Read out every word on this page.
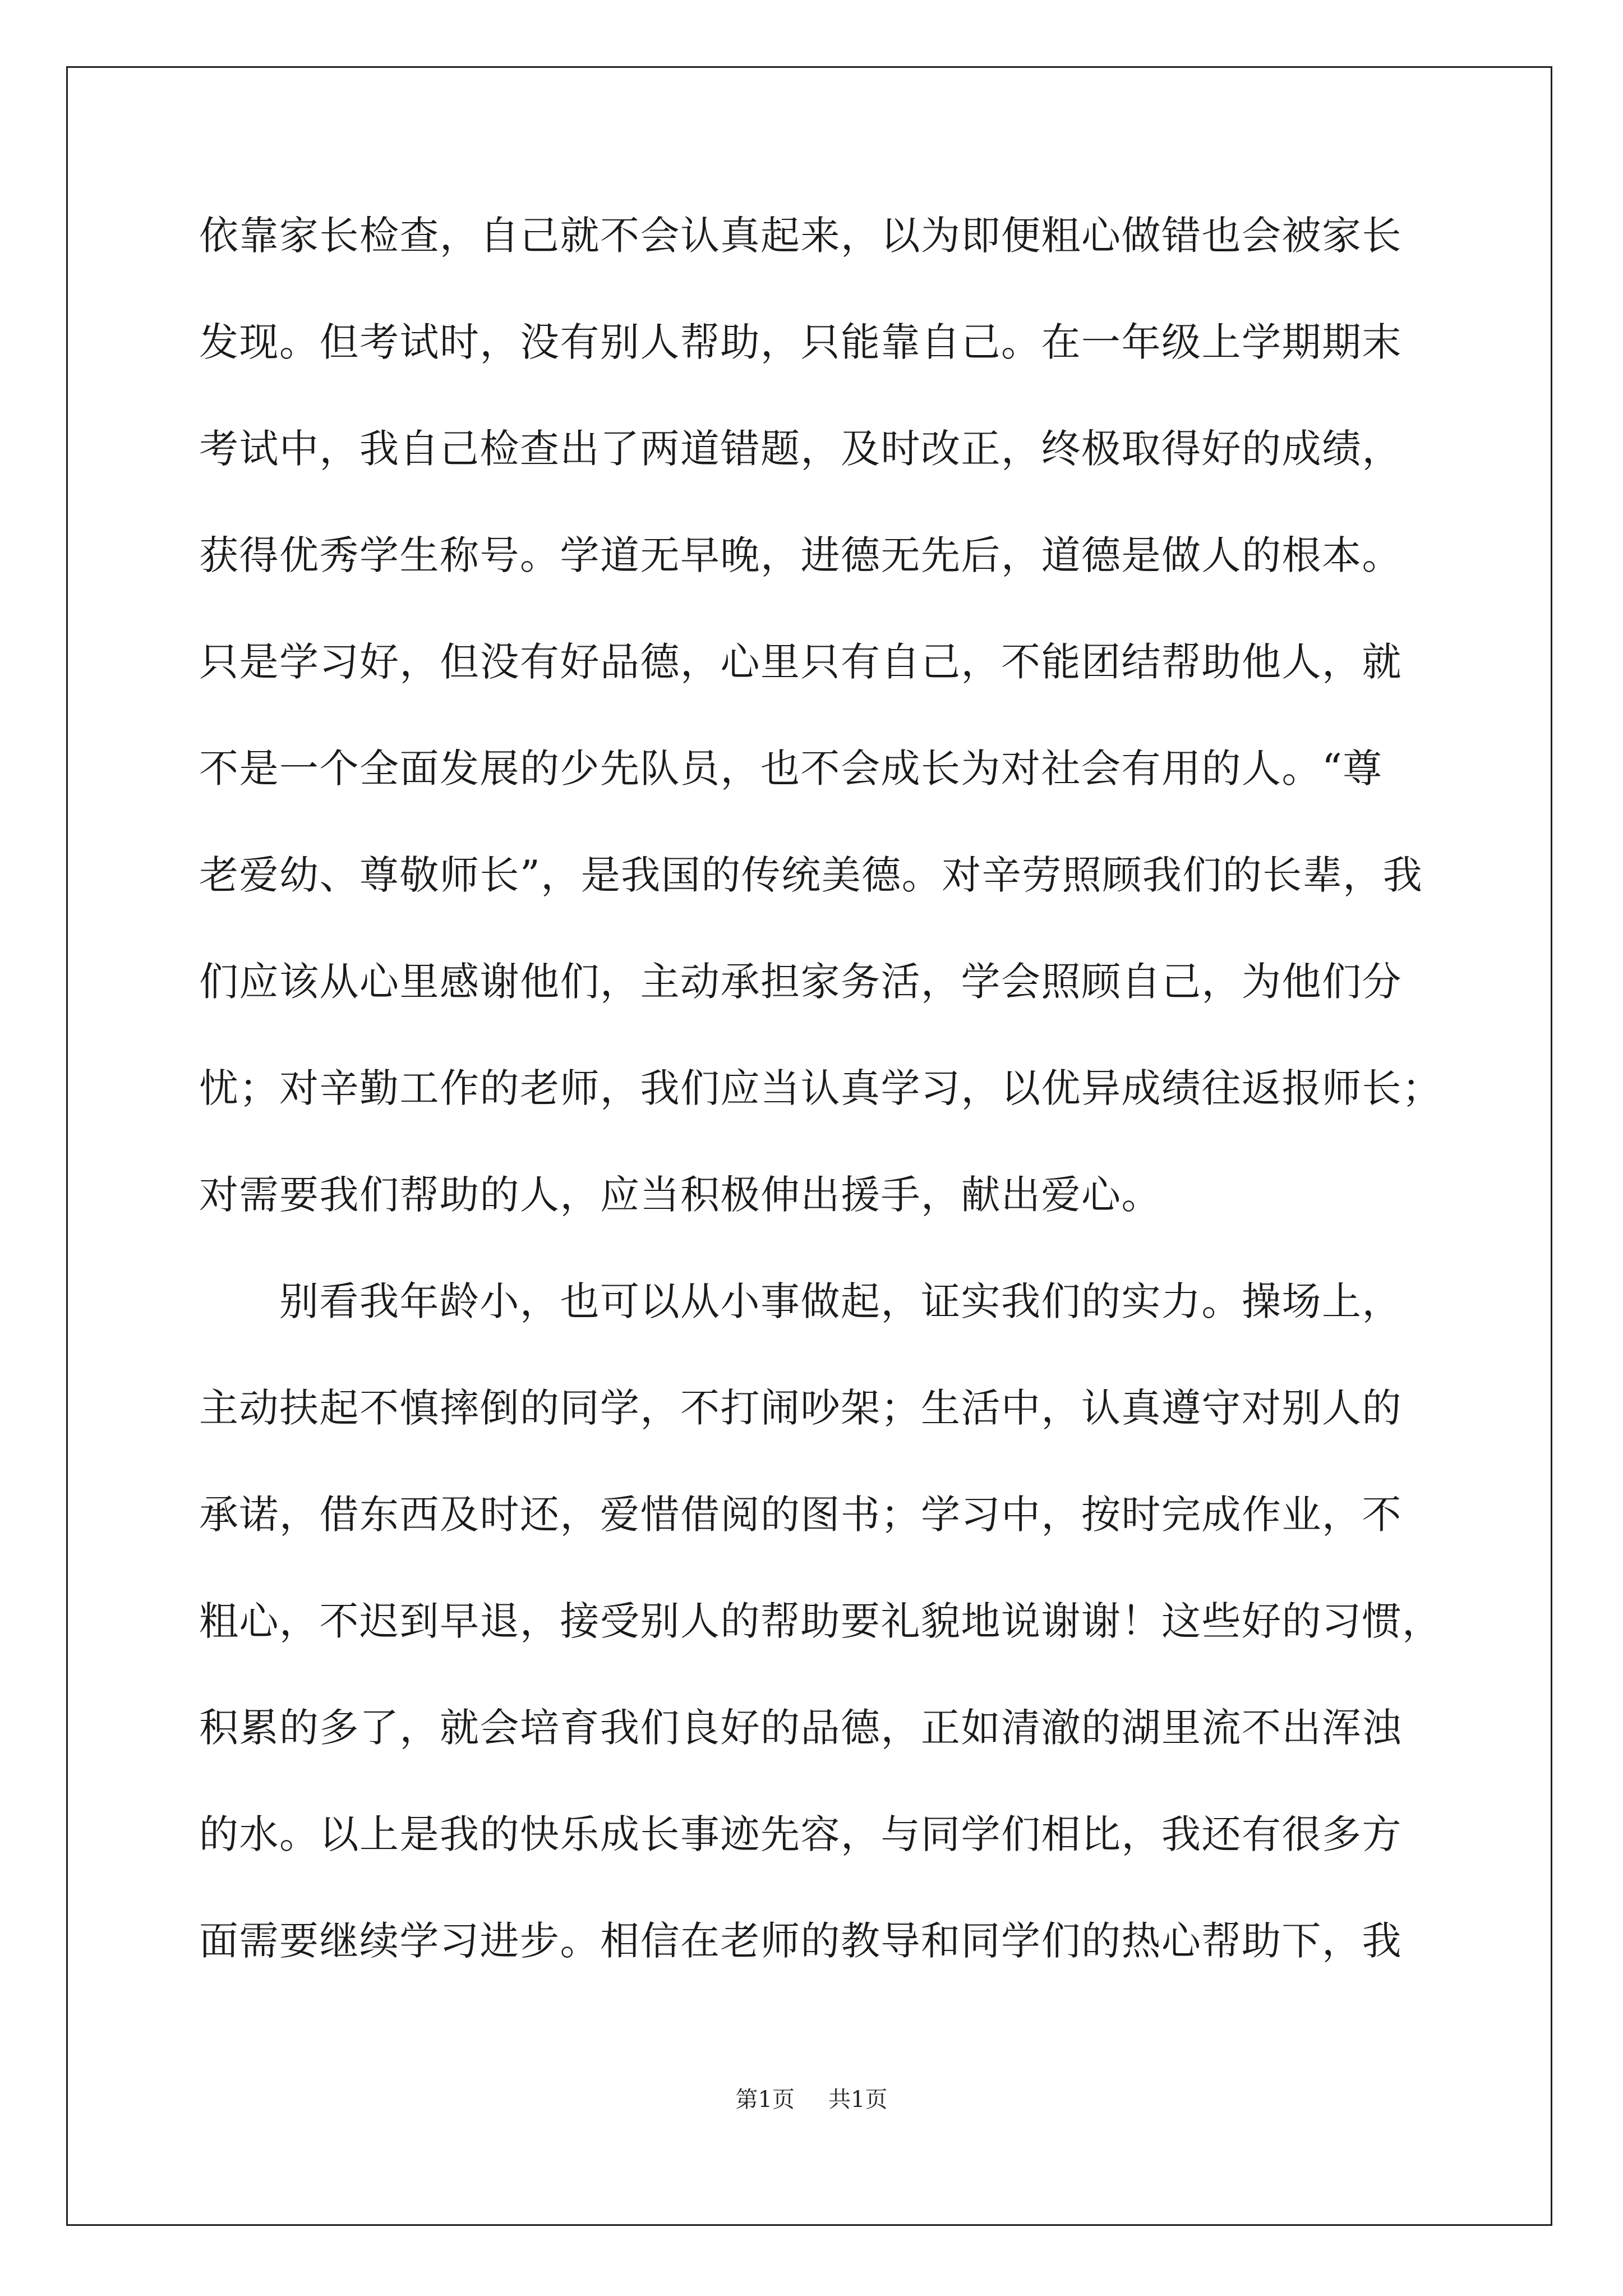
依靠家长检查，自己就不会认真起来，以为即便粗心做错也会被家长
发现。但考试时，没有别人帮助，只能靠自己。在一年级上学期期末
考试中，我自己检查出了两道错题，及时改正，终极取得好的成绩，
获得优秀学生称号。学道无早晚，进德无先后，道德是做人的根本。
只是学习好，但没有好品德，心里只有自己，不能团结帮助他人，就
不是一个全面发展的少先队员，也不会成长为对社会有用的人。“尊
老爱幼、尊敬师长”，是我国的传统美德。对辛劳照顾我们的长辈，我
们应该从心里感谢他们，主动承担家务活，学会照顾自己，为他们分
忧；对辛勤工作的老师，我们应当认真学习，以优异成绩往返报师长；
对需要我们帮助的人，应当积极伸出援手，献出爱心。
　　别看我年龄小，也可以从小事做起，证实我们的实力。操场上，
主动扶起不慎摔倒的同学，不打闹吵架；生活中，认真遵守对别人的
承诺，借东西及时还，爱惜借阅的图书；学习中，按时完成作业，不
粗心，不迟到早退，接受别人的帮助要礼貌地说谢谢！这些好的习惯，
积累的多了，就会培育我们良好的品德，正如清澈的湖里流不出浑浊
的水。以上是我的快乐成长事迹先容，与同学们相比，我还有很多方
面需要继续学习进步。相信在老师的教导和同学们的热心帮助下，我
第1页 共1页
